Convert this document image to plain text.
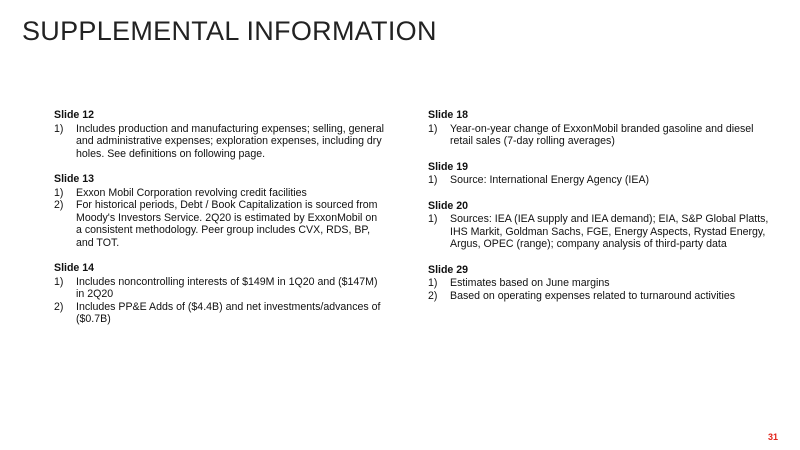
SUPPLEMENTAL INFORMATION
Slide 12
1)	Includes production and manufacturing expenses; selling, general and administrative expenses; exploration expenses, including dry holes. See definitions on following page.
Slide 13
1)	Exxon Mobil Corporation revolving credit facilities
2)	For historical periods, Debt / Book Capitalization is sourced from Moody's Investors Service. 2Q20 is estimated by ExxonMobil on a consistent methodology. Peer group includes CVX, RDS, BP, and TOT.
Slide 14
1)	Includes noncontrolling interests of $149M in 1Q20 and ($147M) in 2Q20
2)	Includes PP&E Adds of ($4.4B) and net investments/advances of ($0.7B)
Slide 18
1)	Year-on-year change of ExxonMobil branded gasoline and diesel retail sales (7-day rolling averages)
Slide 19
1)	Source: International Energy Agency (IEA)
Slide 20
1)	Sources: IEA (IEA supply and IEA demand); EIA, S&P Global Platts, IHS Markit, Goldman Sachs, FGE, Energy Aspects, Rystad Energy, Argus, OPEC (range); company analysis of third-party data
Slide 29
1)	Estimates based on June margins
2)	Based on operating expenses related to turnaround activities
31
